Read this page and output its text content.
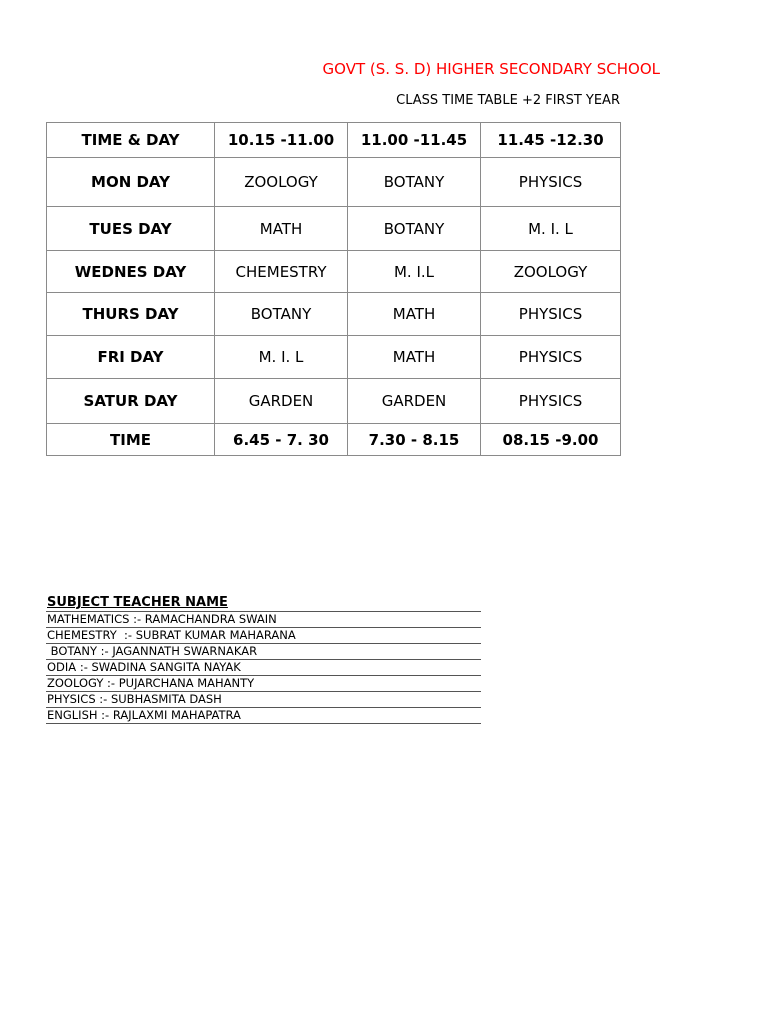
GOVT (S. S. D) HIGHER SECONDARY SCHOOL
CLASS TIME TABLE +2 FIRST YEAR
TIME & DAY	10.15 -11.00	11.00 -11.45	11.45 -12.30
MON DAY	ZOOLOGY	BOTANY	PHYSICS
TUES DAY	MATH	BOTANY	M. I. L
WEDNES DAY	CHEMESTRY	M. I.L	ZOOLOGY
THURS DAY	BOTANY	MATH	PHYSICS
FRI DAY	M. I. L	MATH	PHYSICS
SATUR DAY	GARDEN	GARDEN	PHYSICS
TIME	6.45 - 7. 30	7.30 - 8.15	08.15 -9.00
SUBJECT TEACHER NAME
MATHEMATICS :- RAMACHANDRA SWAIN
CHEMESTRY  :- SUBRAT KUMAR MAHARANA
BOTANY :- JAGANNATH SWARNAKAR
ODIA :- SWADINA SANGITA NAYAK
ZOOLOGY :- PUJARCHANA MAHANTY
PHYSICS :- SUBHASMITA DASH
ENGLISH :- RAJLAXMI MAHAPATRA
